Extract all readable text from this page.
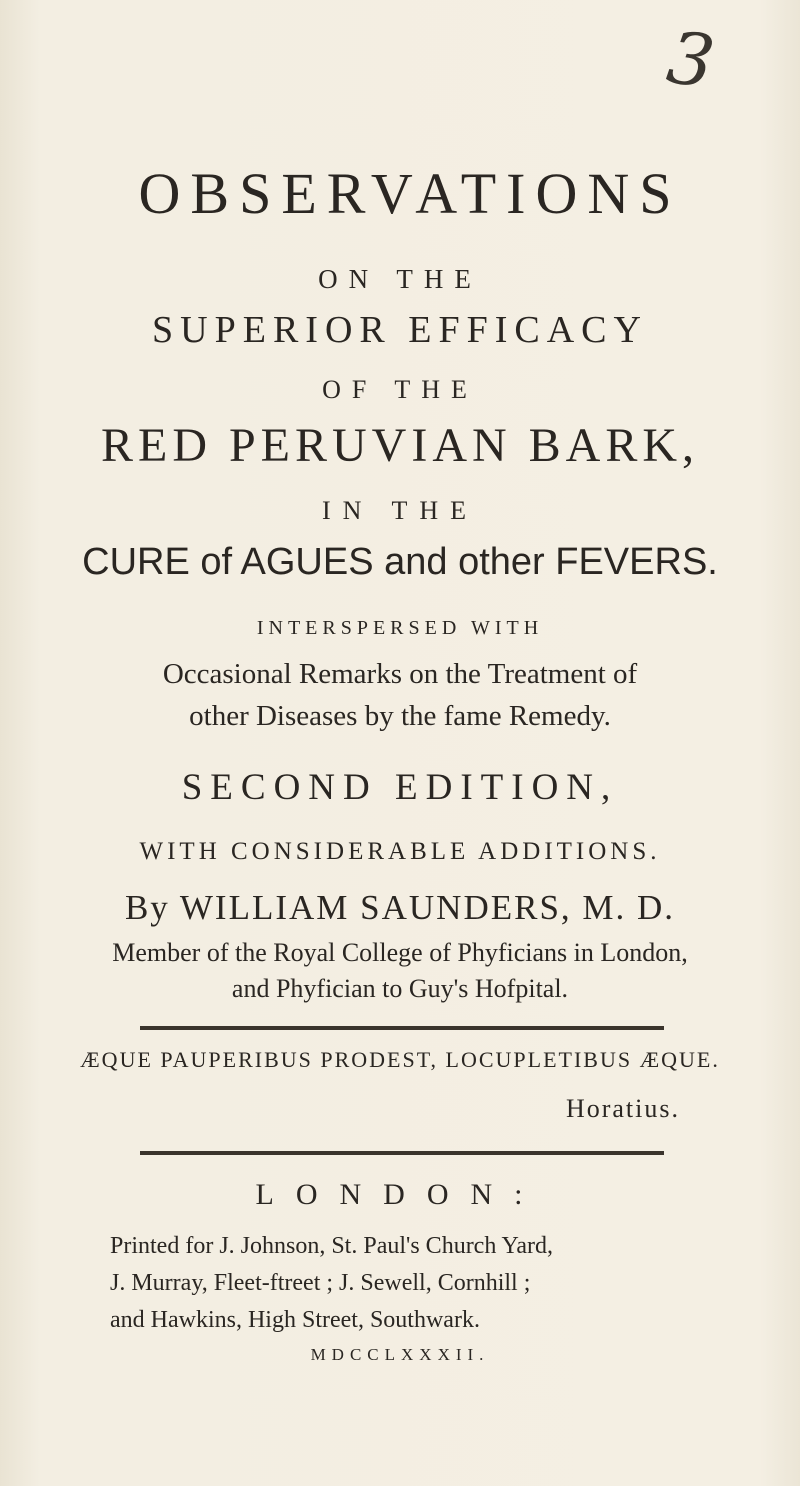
3
OBSERVATIONS
ON THE
SUPERIOR EFFICACY
OF THE
RED PERUVIAN BARK,
IN THE
CURE of AGUES and other FEVERS.
INTERSPERSED WITH
Occasional Remarks on the Treatment of
other Diseases by the fame Remedy.
SECOND EDITION,
WITH CONSIDERABLE ADDITIONS.
By WILLIAM SAUNDERS, M. D.
Member of the Royal College of Phyficians in London,
and Phyfician to Guy's Hofpital.
ÆQUE PAUPERIBUS PRODEST, LOCUPLETIBUS ÆQUE.
Horatius.
LONDON:
Printed for J. Johnson, St. Paul's Church Yard,
J. Murray, Fleet-ftreet ; J. Sewell, Cornhill ;
and Hawkins, High Street, Southwark.
MDCCLXXXII.
